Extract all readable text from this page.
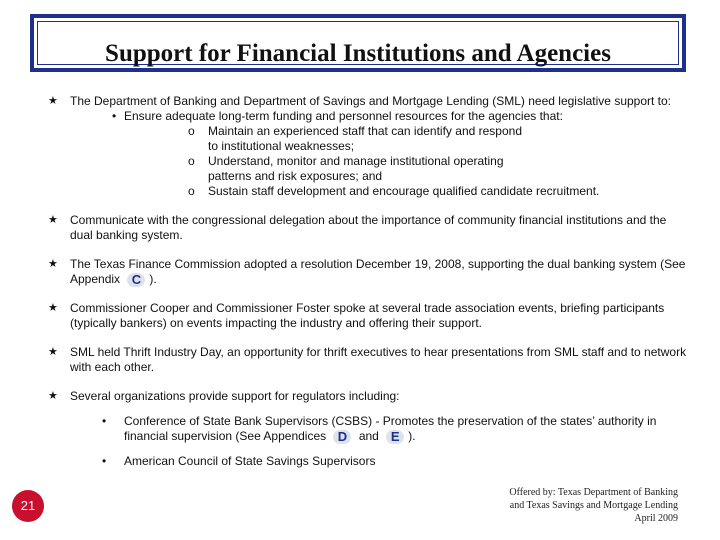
Support for Financial Institutions and Agencies
★ The Department of Banking and Department of Savings and Mortgage Lending (SML) need legislative support to:
• Ensure adequate long-term funding and personnel resources for the agencies that:
o Maintain an experienced staff that can identify and respond to institutional weaknesses;
o Understand, monitor and manage institutional operating patterns and risk exposures; and
o Sustain staff development and encourage qualified candidate recruitment.
★ Communicate with the congressional delegation about the importance of community financial institutions and the dual banking system.
★ The Texas Finance Commission adopted a resolution December 19, 2008, supporting the dual banking system (See Appendix C ).
★ Commissioner Cooper and Commissioner Foster spoke at several trade association events, briefing participants (typically bankers) on events impacting the industry and offering their support.
★ SML held Thrift Industry Day, an opportunity for thrift executives to hear presentations from SML staff and to network with each other.
★ Several organizations provide support for regulators including:
• Conference of State Bank Supervisors (CSBS) - Promotes the preservation of the states’ authority in financial supervision (See Appendices D and E ).
• American Council of State Savings Supervisors
21
Offered by: Texas Department of Banking
and Texas Savings and Mortgage Lending
April 2009
